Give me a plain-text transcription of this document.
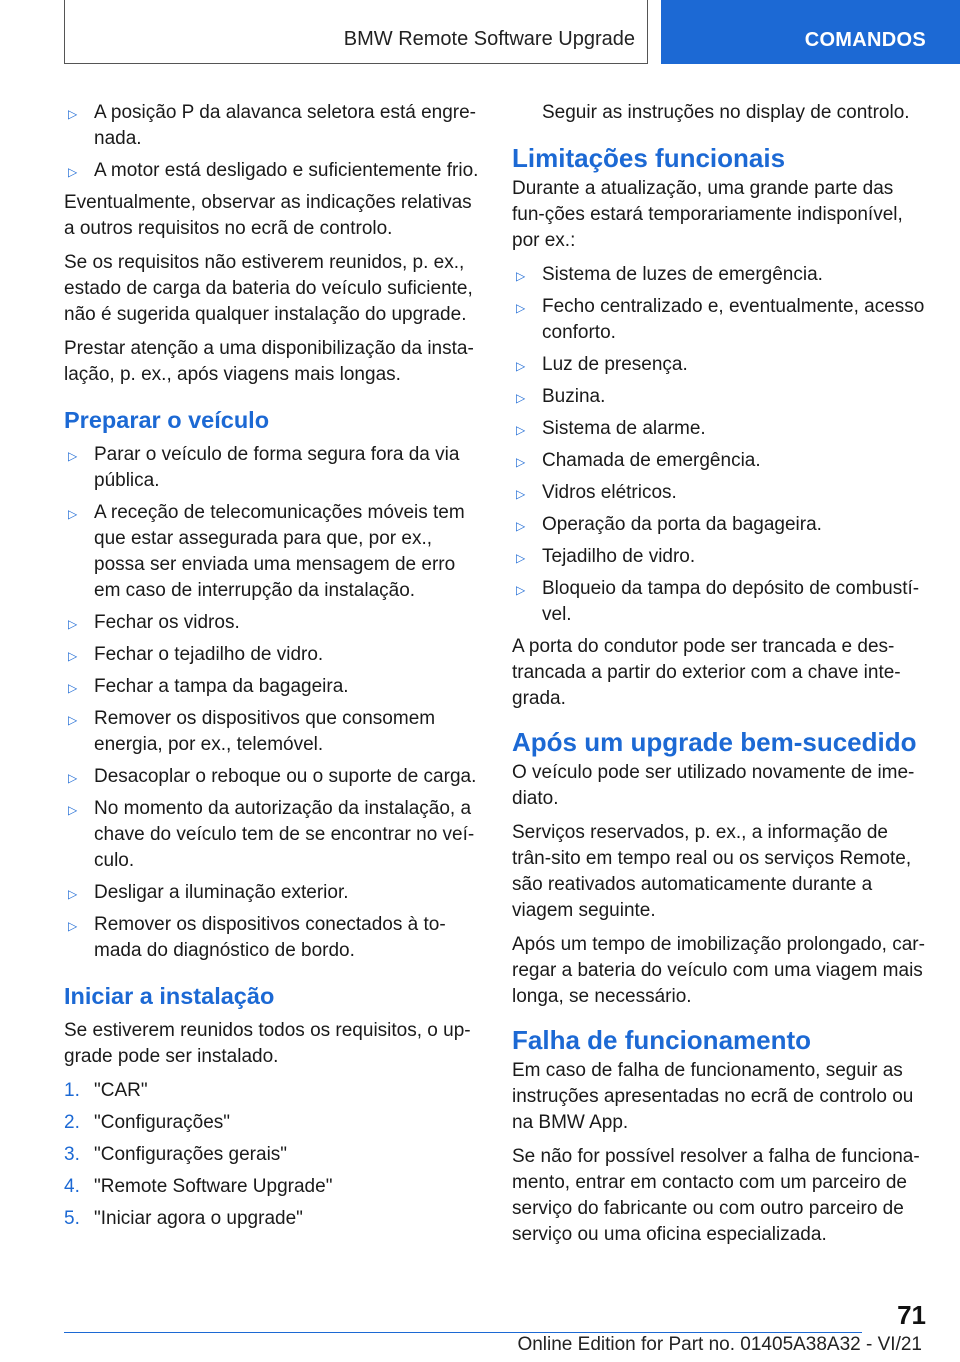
BMW Remote Software Upgrade	COMANDOS
▷ A posição P da alavanca seletora está engre-nada.
▷ A motor está desligado e suficientemente frio.

Eventualmente, observar as indicações relativas a outros requisitos no ecrã de controlo.

Se os requisitos não estiverem reunidos, p. ex., estado de carga da bateria do veículo suficiente, não é sugerida qualquer instalação do upgrade.

Prestar atenção a uma disponibilização da insta-lação, p. ex., após viagens mais longas.

Preparar o veículo
▷ Parar o veículo de forma segura fora da via pública.
▷ A receção de telecomunicações móveis tem que estar assegurada para que, por ex., possa ser enviada uma mensagem de erro em caso de interrupção da instalação.
▷ Fechar os vidros.
▷ Fechar o tejadilho de vidro.
▷ Fechar a tampa da bagageira.
▷ Remover os dispositivos que consomem energia, por ex., telemóvel.
▷ Desacoplar o reboque ou o suporte de carga.
▷ No momento da autorização da instalação, a chave do veículo tem de se encontrar no veí-culo.
▷ Desligar a iluminação exterior.
▷ Remover os dispositivos conectados à to-mada do diagnóstico de bordo.
Iniciar a instalação

Se estiverem reunidos todos os requisitos, o up-grade pode ser instalado.

1. "CAR"
2. "Configurações"
3. "Configurações gerais"
4. "Remote Software Upgrade"
5. "Iniciar agora o upgrade"
Seguir as instruções no display de controlo.
Limitações funcionais

Durante a atualização, uma grande parte das fun-ções estará temporariamente indisponível, por ex.:

▷ Sistema de luzes de emergência.
▷ Fecho centralizado e, eventualmente, acesso conforto.
▷ Luz de presença.
▷ Buzina.
▷ Sistema de alarme.
▷ Chamada de emergência.
▷ Vidros elétricos.
▷ Operação da porta da bagageira.
▷ Tejadilho de vidro.
▷ Bloqueio da tampa do depósito de combustí-vel.

A porta do condutor pode ser trancada e des-trancada a partir do exterior com a chave inte-grada.

Após um upgrade bem-sucedido

O veículo pode ser utilizado novamente de ime-diato.

Serviços reservados, p. ex., a informação de trân-sito em tempo real ou os serviços Remote, são reativados automaticamente durante a viagem seguinte.

Após um tempo de imobilização prolongado, car-regar a bateria do veículo com uma viagem mais longa, se necessário.

Falha de funcionamento

Em caso de falha de funcionamento, seguir as instruções apresentadas no ecrã de controlo ou na BMW App.

Se não for possível resolver a falha de funciona-mento, entrar em contacto com um parceiro de serviço do fabricante ou com outro parceiro de serviço ou uma oficina especializada.

71
Online Edition for Part no. 01405A38A32 - VI/21
